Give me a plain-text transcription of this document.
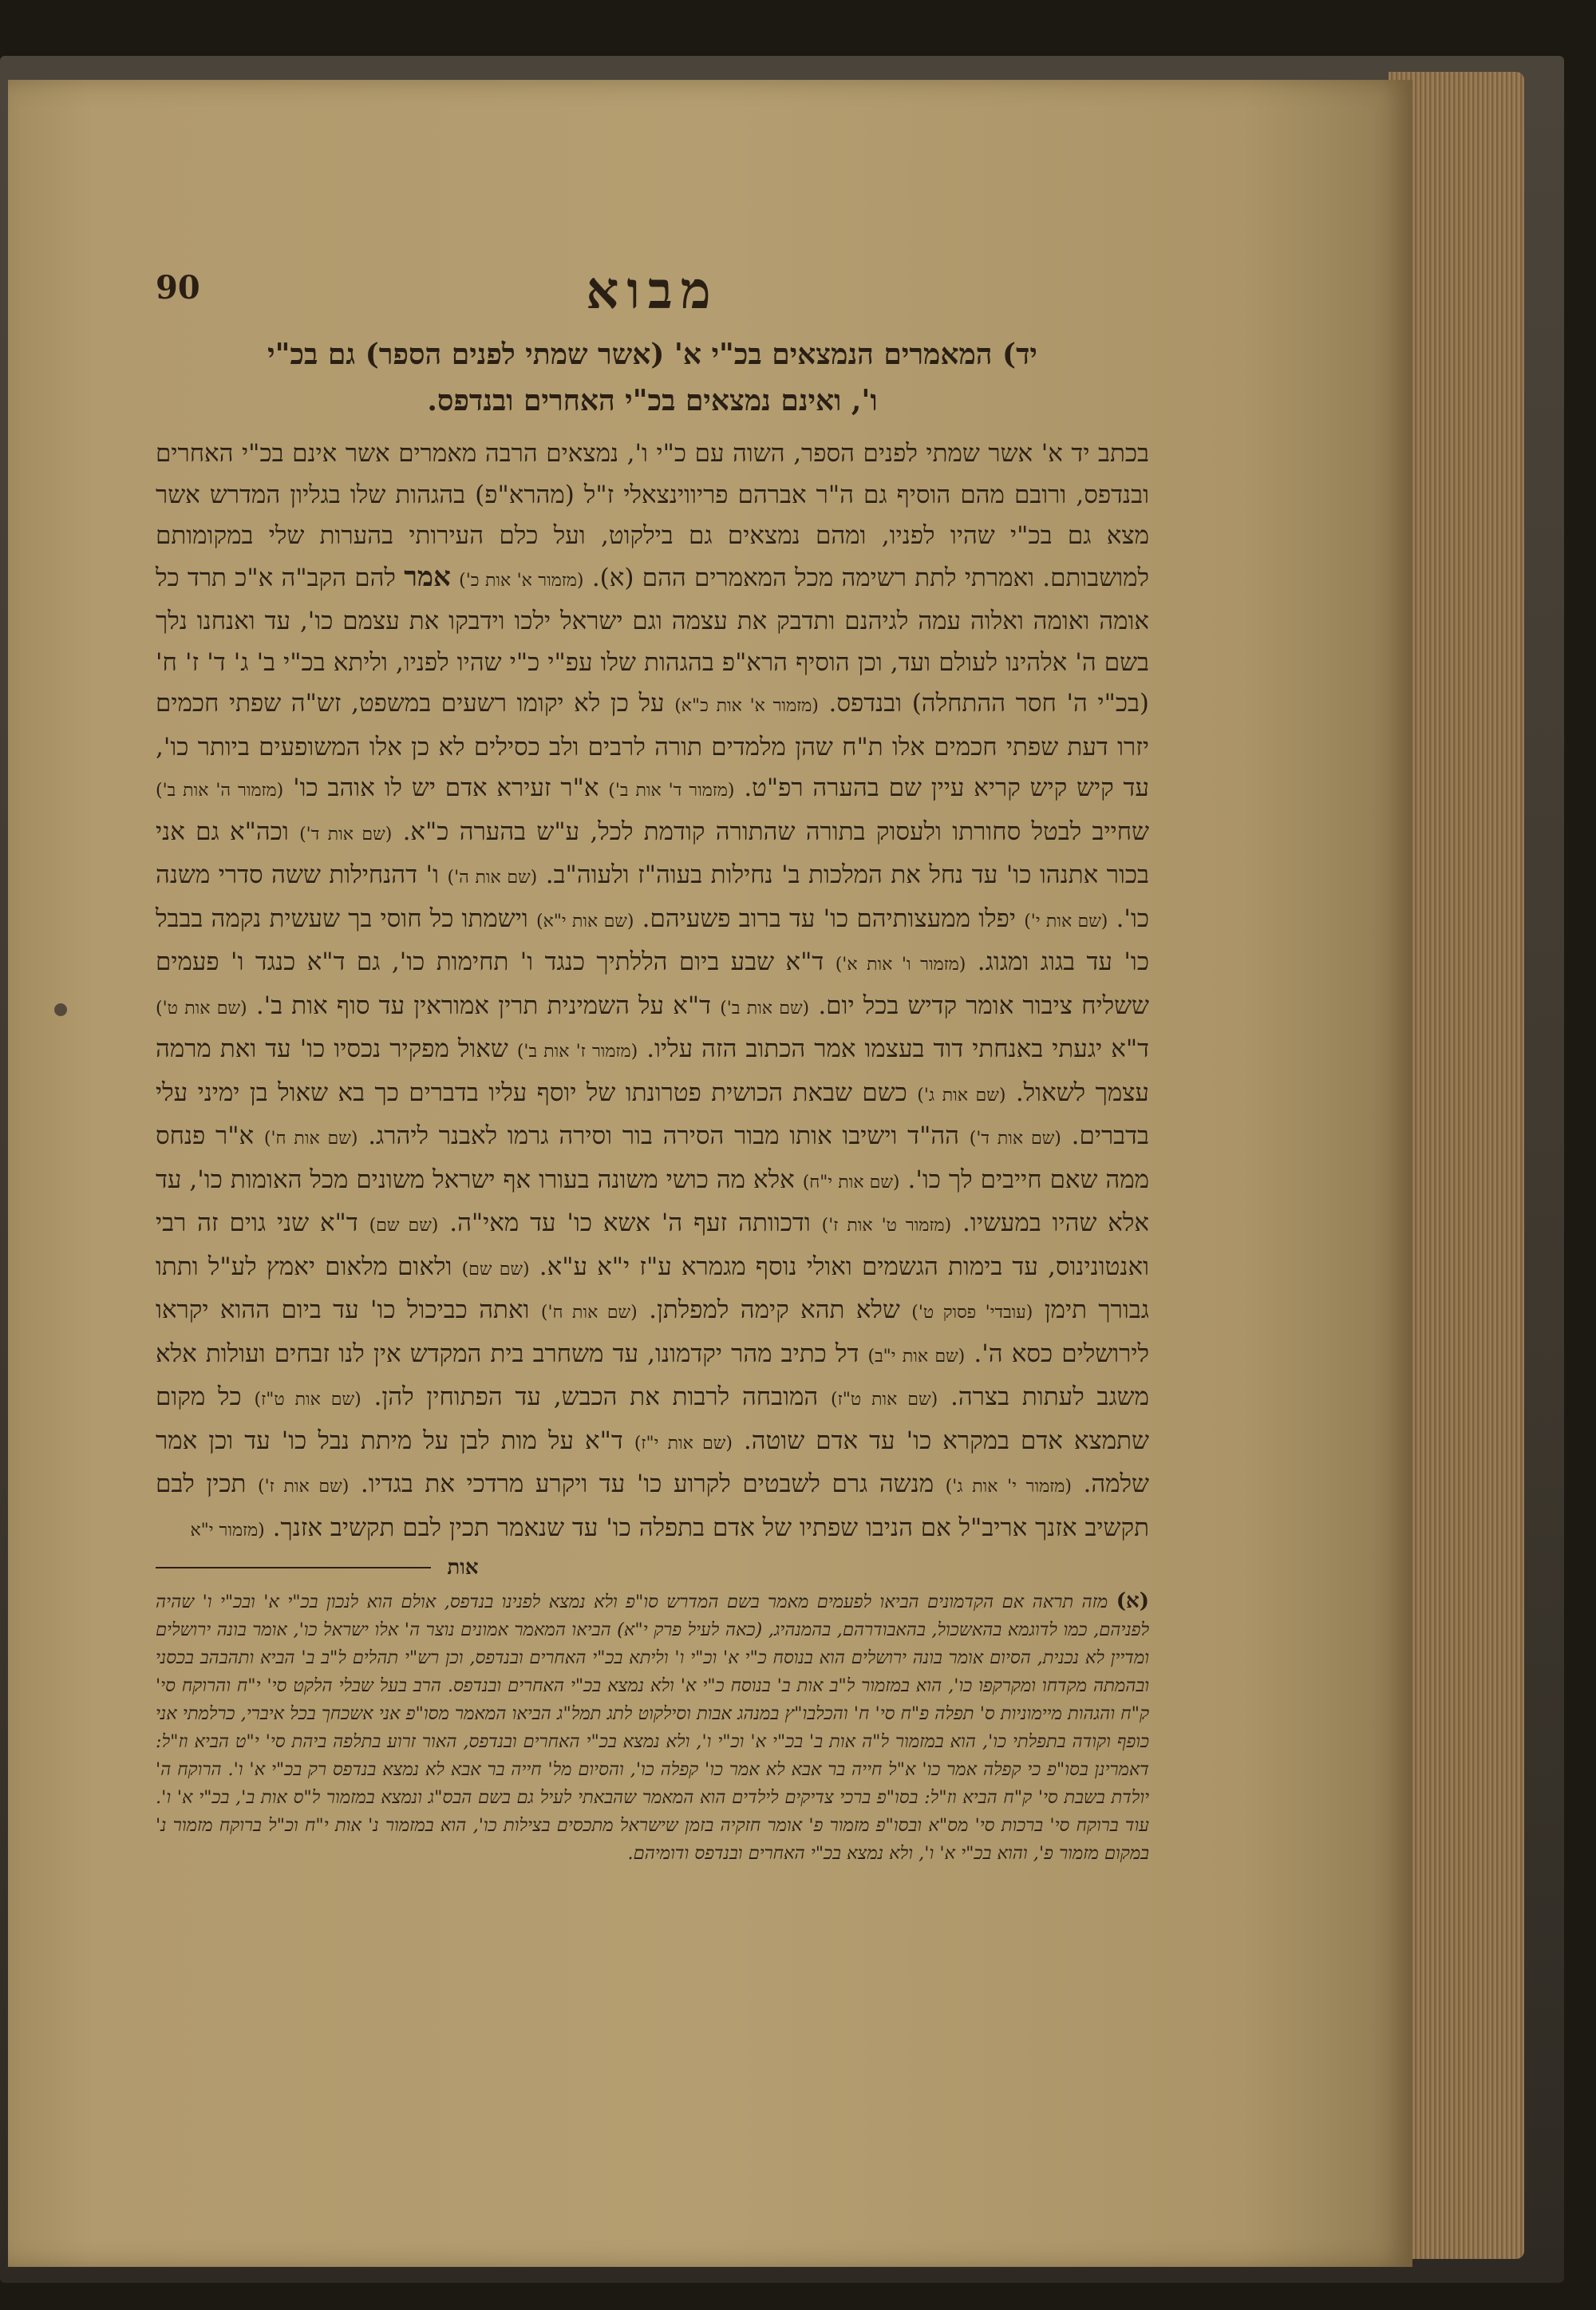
מבוא
90
יד) המאמרים הנמצאים בכ"י א' (אשר שמתי לפנים הספר) גם בכ"י
ו', ואינם נמצאים בכ"י האחרים ובנדפס.

בכתב יד א' אשר שמתי לפנים הספר, השוה עם כ"י ו', נמצאים הרבה מאמרים אשר אינם בכ"י האחרים ובנדפס, ורובם מהם הוסיף גם ה"ר אברהם פריווינצאלי ז"ל (מהרא"פ) בהגהות שלו בגליון המדרש אשר מצא גם בכ"י שהיו לפניו, ומהם נמצאים גם בילקוט, ועל כלם העירותי בהערות שלי במקומותם למושבותם. ואמרתי לתת רשימה מכל המאמרים ההם (א). (מזמור א' אות כ') אמר להם הקב"ה א"כ תרד כל אומה ואומה ואלוה עמה לגיהנם ותדבק את עצמה וגם ישראל ילכו וידבקו את עצמם כו', עד ואנחנו נלך בשם ה' אלהינו לעולם ועד, וכן הוסיף הרא"פ בהגהות שלו עפ"י כ"י שהיו לפניו, וליתא בכ"י ב' ג' ד' ז' ח' (בכ"י ה' חסר ההתחלה) ובנדפס. (מזמור א' אות כ"א) על כן לא יקומו רשעים במשפט, זש"ה שפתי חכמים יזרו דעת שפתי חכמים אלו ת"ח שהן מלמדים תורה לרבים ולב כסילים לא כן אלו המשופעים ביותר כו', עד קיש קיש קריא עיין שם בהערה רפ"ט. (מזמור ד' אות ב') א"ר זעירא אדם יש לו אוהב כו' (מזמור ה' אות ב') שחייב לבטל סחורתו ולעסוק בתורה שהתורה קודמת לכל, ע"ש בהערה כ"א. (שם אות ד') וכה"א גם אני בכור אתנהו כו' עד נחל את המלכות ב' נחילות בעוה"ז ולעוה"ב. (שם אות ה') ו' דהנחילות ששה סדרי משנה כו'. (שם אות י') יפלו ממעצותיהם כו' עד ברוב פשעיהם. (שם אות י"א) וישמתו כל חוסי בך שעשית נקמה בבבל כו' עד בגוג ומגוג. (מזמור ו' אות א') ד"א שבע ביום הללתיך כנגד ו' תחימות כו', גם ד"א כנגד ו' פעמים ששליח ציבור אומר קדיש בכל יום. (שם אות ב') ד"א על השמינית תרין אמוראין עד סוף אות ב'. (שם אות ט') ד"א יגעתי באנחתי דוד בעצמו אמר הכתוב הזה עליו. (מזמור ז' אות ב') שאול מפקיר נכסיו כו' עד ואת מרמה עצמך לשאול. (שם אות ג') כשם שבאת הכושית פטרונתו של יוסף עליו בדברים כך בא שאול בן ימיני עלי בדברים. (שם אות ד') הה"ד וישיבו אותו מבור הסירה בור וסירה גרמו לאבנר ליהרג. (שם אות ח') א"ר פנחס ממה שאם חייבים לך כו'. (שם אות י"ח) אלא מה כושי משונה בעורו אף ישראל משונים מכל האומות כו', עד אלא שהיו במעשיו. (מזמור ט' אות ז') ודכוותה זעף ה' אשא כו' עד מאי"ה. (שם שם) ד"א שני גוים זה רבי ואנטונינוס, עד בימות הגשמים ואולי נוסף מגמרא ע"ז י"א ע"א. (שם שם) ולאום מלאום יאמץ לע"ל ותתו גבורך תימן (עובדי' פסוק ט') שלא תהא קימה למפלתן. (שם אות ח') ואתה כביכול כו' עד ביום ההוא יקראו לירושלים כסא ה'. (שם אות י"ב) דל כתיב מהר יקדמונו, עד משחרב בית המקדש אין לנו זבחים ועולות אלא משגב לעתות בצרה. (שם אות ט"ז) המובחה לרבות את הכבש, עד הפתוחין להן. (שם אות ט"ז) כל מקום שתמצא אדם במקרא כו' עד אדם שוטה. (שם אות י"ז) ד"א על מות לבן על מיתת נבל כו' עד וכן אמר שלמה. (מזמור י' אות ג') מנשה גרם לשבטים לקרוע כו' עד ויקרע מרדכי את בגדיו. (שם אות ז') תכין לבם תקשיב אזנך אריב"ל אם הניבו שפתיו של אדם בתפלה כו' עד שנאמר תכין לבם תקשיב אזנך. (מזמור י"א

אות

(א) מזה תראה אם הקדמונים הביאו לפעמים מאמר בשם המדרש סו"פ ולא נמצא לפנינו בנדפס, אולם הוא לנכון בכ"י א' ובכ"י ו' שהיה לפניהם, כמו לדוגמא בהאשכול, בהאבודרהם, בהמנהיג, (כאה לעיל פרק י"א) הביאו המאמר אמונים נוצר ה' אלו ישראל כו', אומר בונה ירושלים ומדיין לא נכנית, הסיום אומר בונה ירושלים הוא בנוסח כ"י א' וכ"י ו' וליתא בכ"י האחרים ובנדפס, וכן רש"י תהלים ל"ב ב' הביא ותהבהב בכסני ובהמתה מקדחו ומקרקפו כו', הוא במזמור ל"ב אות ב' בנוסח כ"י א' ולא נמצא בכ"י האחרים ובנדפס. הרב בעל שבלי הלקט סי' י"ח והרוקח סי' ק"ח והגהות מיימוניות ס' תפלה פ"ח סי' ח' והכלבו"ץ במנהג אבות וסילקוט לתג תמל"ג הביאו המאמר מסו"פ אני אשכחך בכל איברי, כרלמתי אני כופף וקודה בתפלתי כו', הוא במזמור ל"ה אות ב' בכ"י א' וכ"י ו', ולא נמצא בכ"י האחרים ובנדפס, האור זרוע בתלפה ביהת סי' י"ט הביא וז"ל: דאמרינן בסו"פ כי קפלה אמר כו' א"ל חייה בר אבא לא אמר כו' קפלה כו', והסיום מל' חייה בר אבא לא נמצא בנדפס רק בכ"י א' ו'. הרוקח ה' יולדת בשבת סי' ק"ח הביא וז"ל: בסו"פ ברכי צדיקים לילדים הוא המאמר שהבאתי לעיל גם בשם הבס"ג ונמצא במזמור ל"ס אות ב', בכ"י א' ו'. עוד ברוקח סי' ברכות סי' מס"א ובסו"פ מזמור פ' אומר חזקיה בזמן שישראל מתכסים בצילות כו', הוא במזמור נ' אות י"ח וכ"ל ברוקח מזמור נ' במקום מזמור פ', והוא בכ"י א' ו', ולא נמצא בכ"י האחרים ובנדפס ודומיהם.
